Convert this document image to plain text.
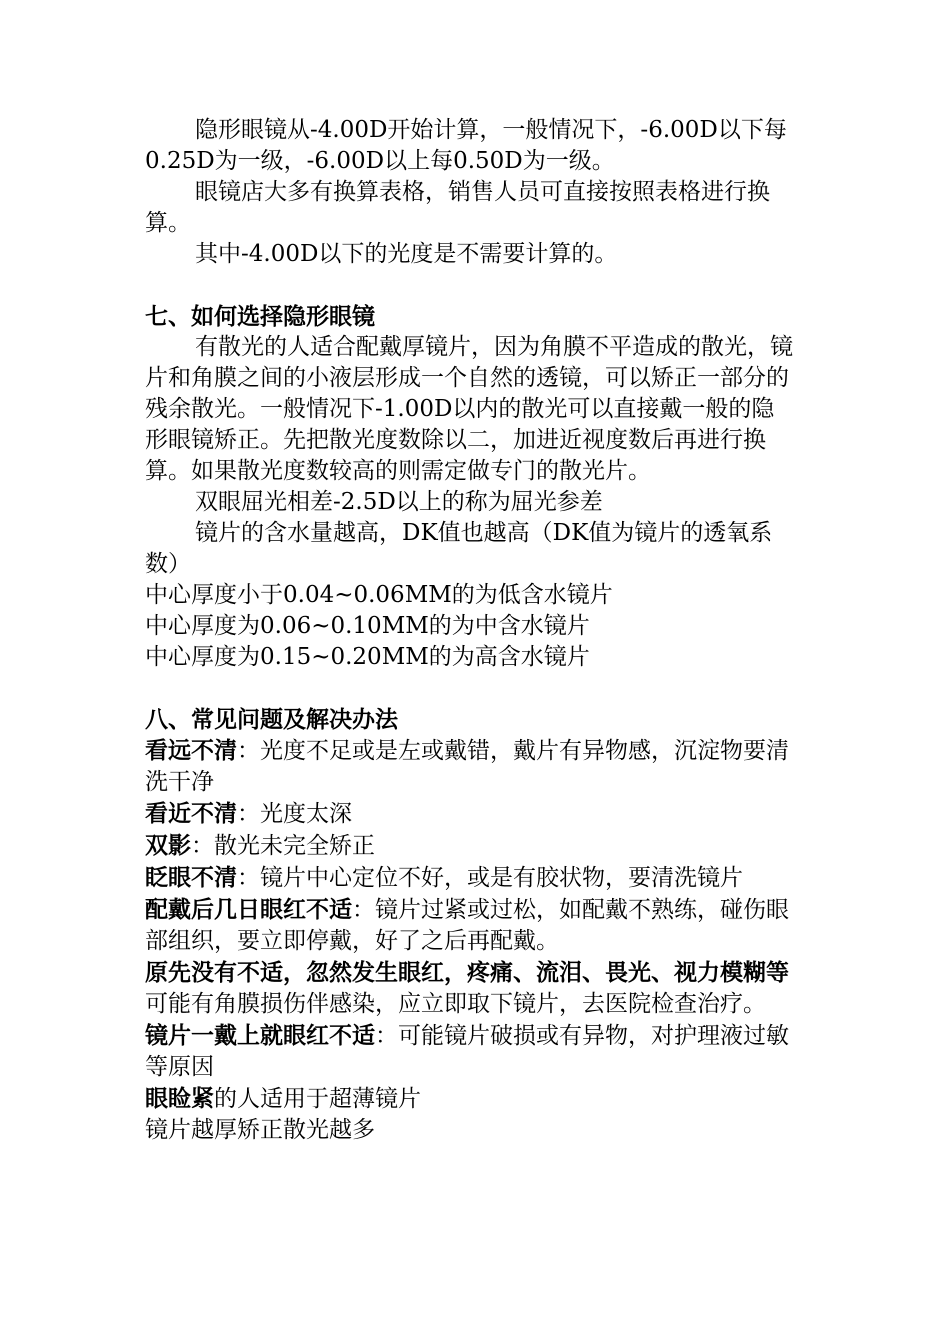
隐形眼镜从-4.00D开始计算，一般情况下，-6.00D以下每0.25D为一级，-6.00D以上每0.50D为一级。

眼镜店大多有换算表格，销售人员可直接按照表格进行换算。

其中-4.00D以下的光度是不需要计算的。

七、如何选择隐形眼镜

有散光的人适合配戴厚镜片，因为角膜不平造成的散光，镜片和角膜之间的小液层形成一个自然的透镜，可以矫正一部分的残余散光。一般情况下-1.00D以内的散光可以直接戴一般的隐形眼镜矫正。先把散光度数除以二，加进近视度数后再进行换算。如果散光度数较高的则需定做专门的散光片。

双眼屈光相差-2.5D以上的称为屈光参差

镜片的含水量越高，DK值也越高（DK值为镜片的透氧系数）

中心厚度小于0.04~0.06MM的为低含水镜片

中心厚度为0.06~0.10MM的为中含水镜片

中心厚度为0.15~0.20MM的为高含水镜片

八、常见问题及解决办法

看远不清：光度不足或是左或戴错，戴片有异物感，沉淀物要清洗干净

看近不清：光度太深

双影：散光未完全矫正

眨眼不清：镜片中心定位不好，或是有胶状物，要清洗镜片

配戴后几日眼红不适：镜片过紧或过松，如配戴不熟练，碰伤眼部组织，要立即停戴，好了之后再配戴。

原先没有不适，忽然发生眼红，疼痛、流泪、畏光、视力模糊等可能有角膜损伤伴感染，应立即取下镜片，去医院检查治疗。

镜片一戴上就眼红不适：可能镜片破损或有异物，对护理液过敏等原因

眼睑紧的人适用于超薄镜片

镜片越厚矫正散光越多
